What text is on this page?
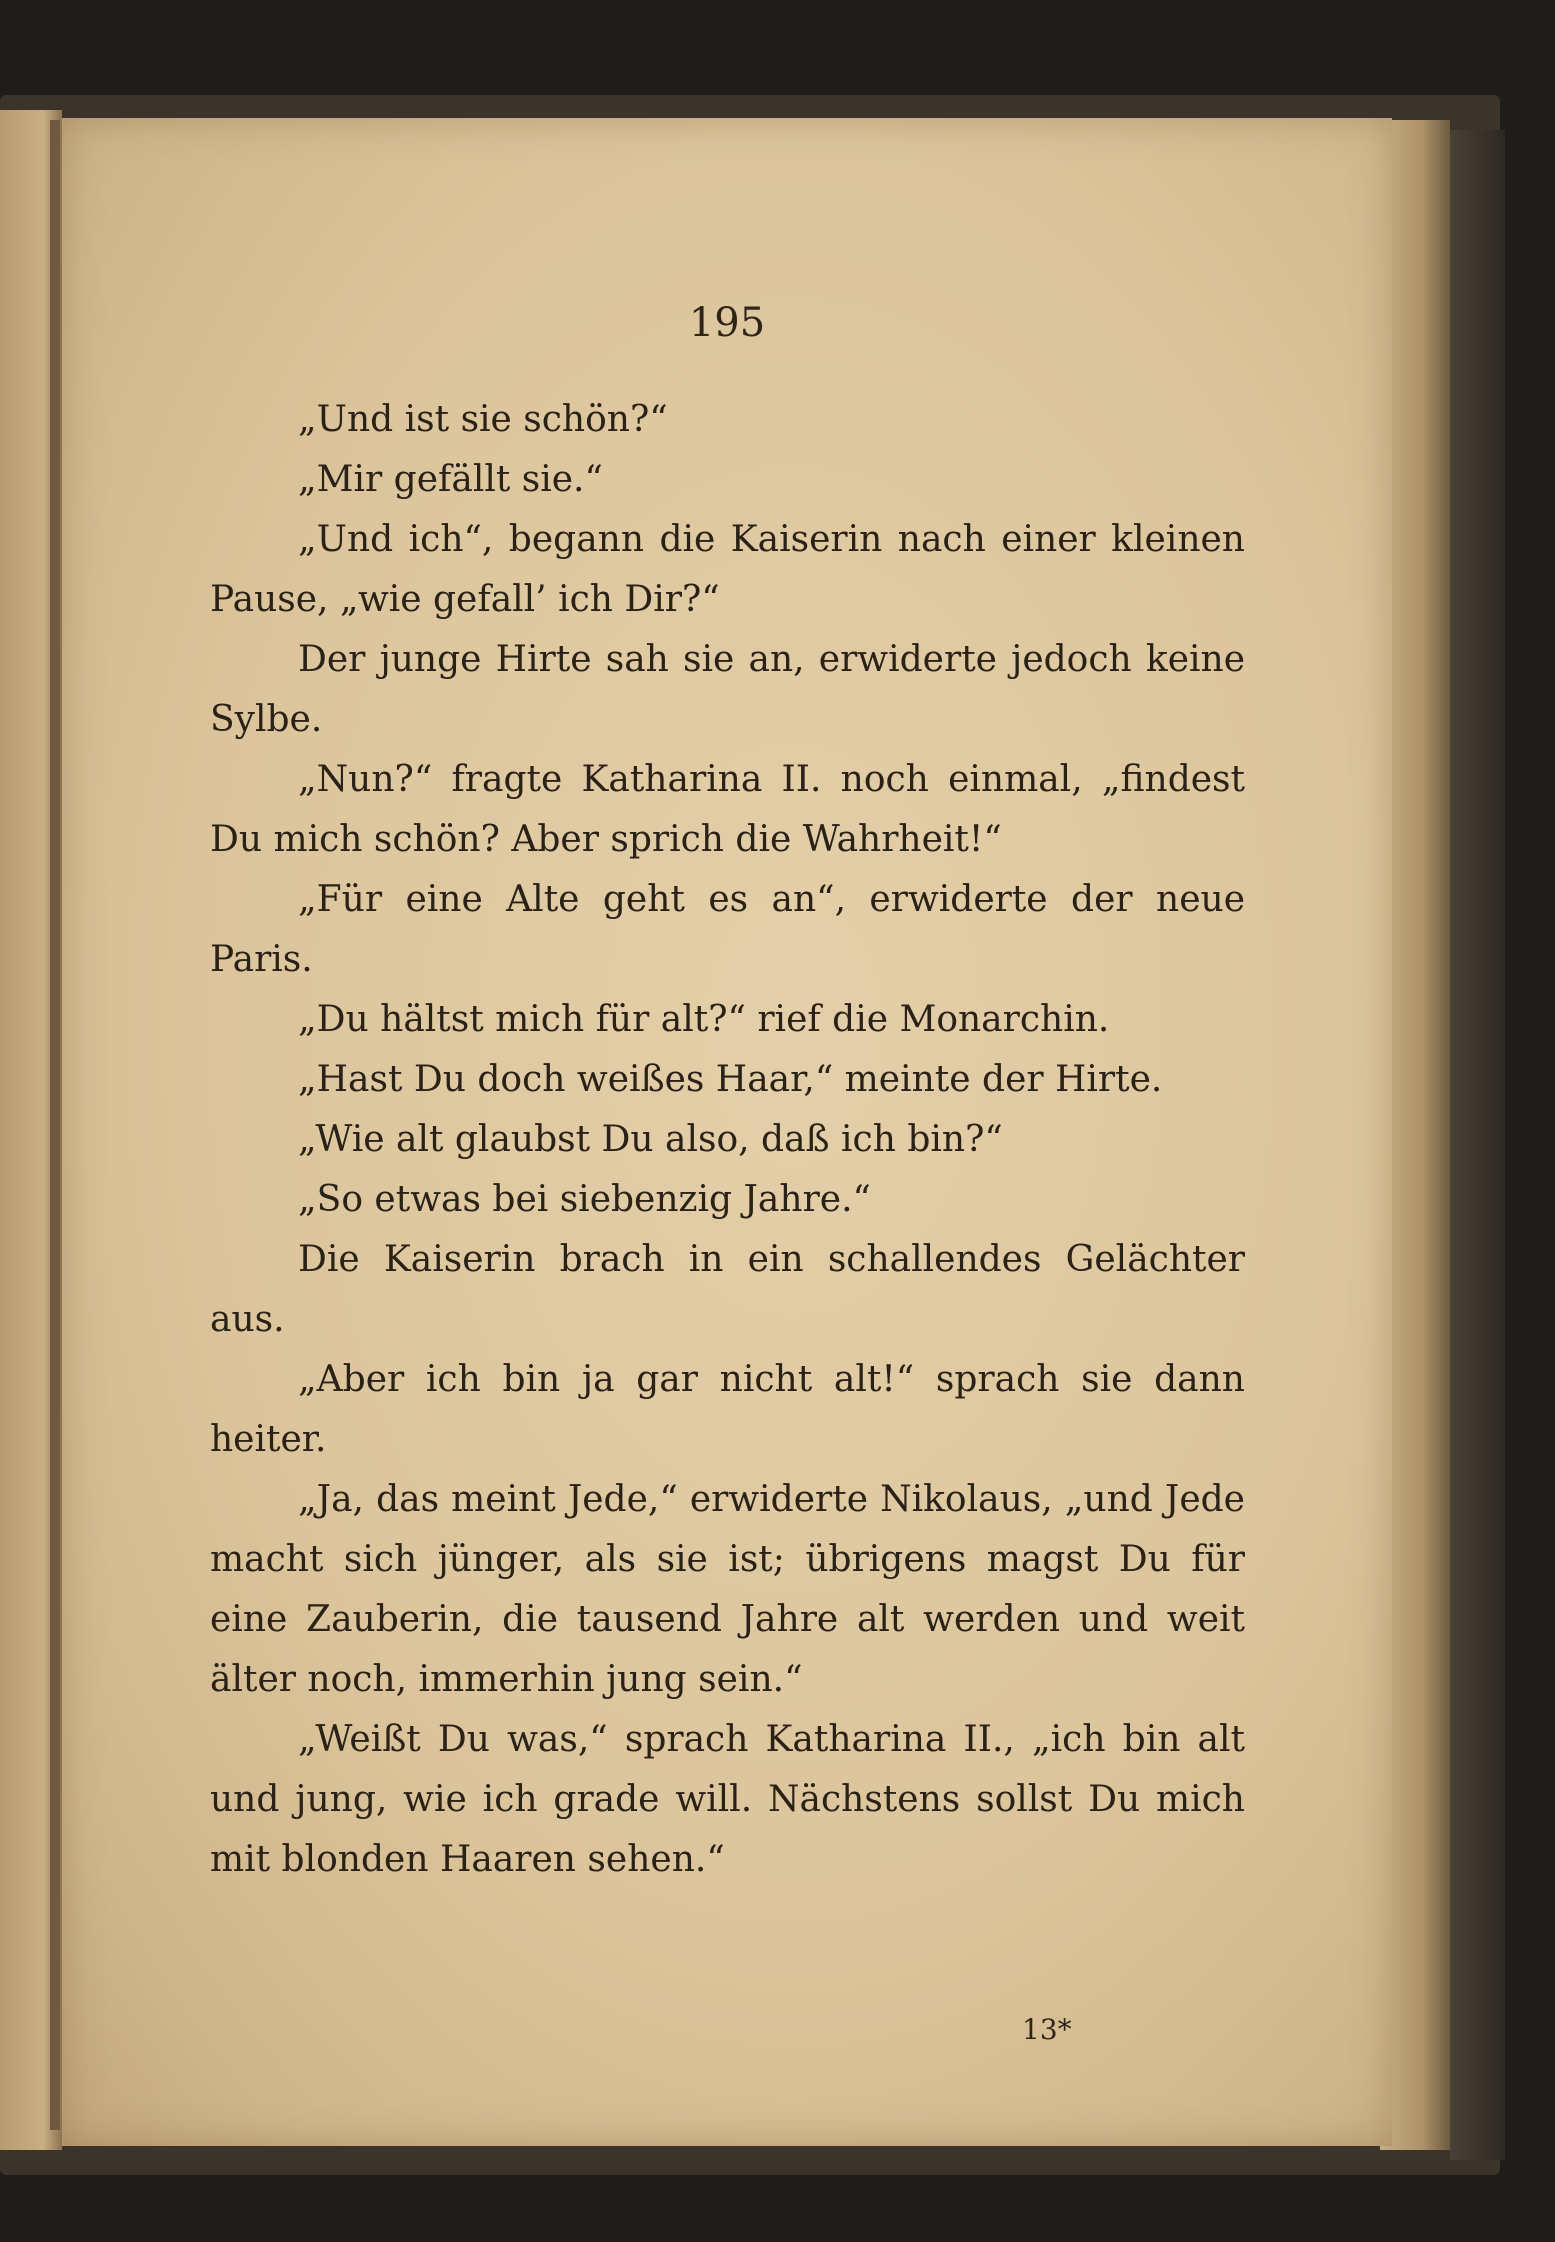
195

„Und ist sie schön?“

„Mir gefällt sie.“

„Und ich“, begann die Kaiserin nach einer kleinen Pause, „wie gefall’ ich Dir?“

Der junge Hirte sah sie an, erwiderte jedoch keine Sylbe.

„Nun?“ fragte Katharina II. noch einmal, „findest Du mich schön? Aber sprich die Wahrheit!“

„Für eine Alte geht es an“, erwiderte der neue Paris.

„Du hältst mich für alt?“ rief die Monarchin.

„Hast Du doch weißes Haar,“ meinte der Hirte.

„Wie alt glaubst Du also, daß ich bin?“

„So etwas bei siebenzig Jahre.“

Die Kaiserin brach in ein schallendes Gelächter aus.

„Aber ich bin ja gar nicht alt!“ sprach sie dann heiter.

„Ja, das meint Jede,“ erwiderte Nikolaus, „und Jede macht sich jünger, als sie ist; übrigens magst Du für eine Zauberin, die tausend Jahre alt werden und weit älter noch, immerhin jung sein.“

„Weißt Du was,“ sprach Katharina II., „ich bin alt und jung, wie ich grade will. Nächstens sollst Du mich mit blonden Haaren sehen.“

13*
